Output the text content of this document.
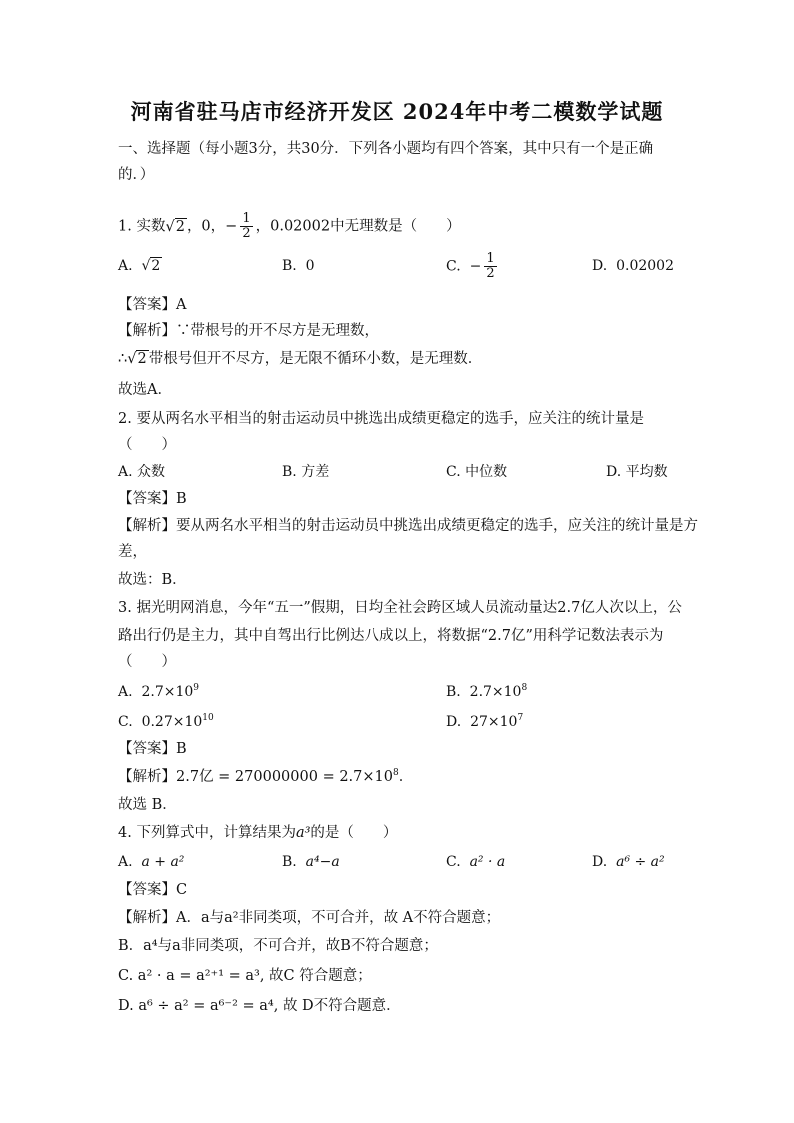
河南省驻马店市经济开发区 2024年中考二模数学试题
一、选择题（每小题3分，共30分．下列各小题均有四个答案，其中只有一个是正确
的．）
1. 实数√2 ，0，− $\frac{1}{2}$ ，0.02002中无理数是（　　）
A. √2	B. 0	C. − $\frac{1}{2}$	D. 0.02002
【答案】A
【解析】∵带根号的开不尽方是无理数，
∴√2 带根号但开不尽方，是无限不循环小数，是无理数．
故选A．
2. 要从两名水平相当的射击运动员中挑选出成绩更稳定的选手，应关注的统计量是
（　　）
A. 众数	B. 方差	C. 中位数	D. 平均数
【答案】B
【解析】要从两名水平相当的射击运动员中挑选出成绩更稳定的选手，应关注的统计量是方
差，
故选：B．
3. 据光明网消息，今年“五一”假期，日均全社会跨区域人员流动量达2.7亿人次以上，公
路出行仍是主力，其中自驾出行比例达八成以上，将数据“2.7亿”用科学记数法表示为
（　　）
A. $2.7\times 10^9$	B. $2.7\times 10^8$
C. $0.27\times 10^{10}$	D. $27\times 10^7$
【答案】B
【解析】2.7亿 = $270000000 = 2.7\times 10^8$．
故选 B．
4. 下列算式中，计算结果为a³的是（　　）
A. a + a²	B. a⁴−a	C. a² · a	D. a⁶ ÷ a²
【答案】C
【解析】A．a与a²非同类项，不可合并，故 A不符合题意；
B．a⁴与a非同类项，不可合并，故B不符合题意；
C. a² · a = a²⁺¹ = a³, 故C 符合题意；
D. a⁶ ÷ a² = a⁶⁻² = a⁴, 故 D不符合题意．
